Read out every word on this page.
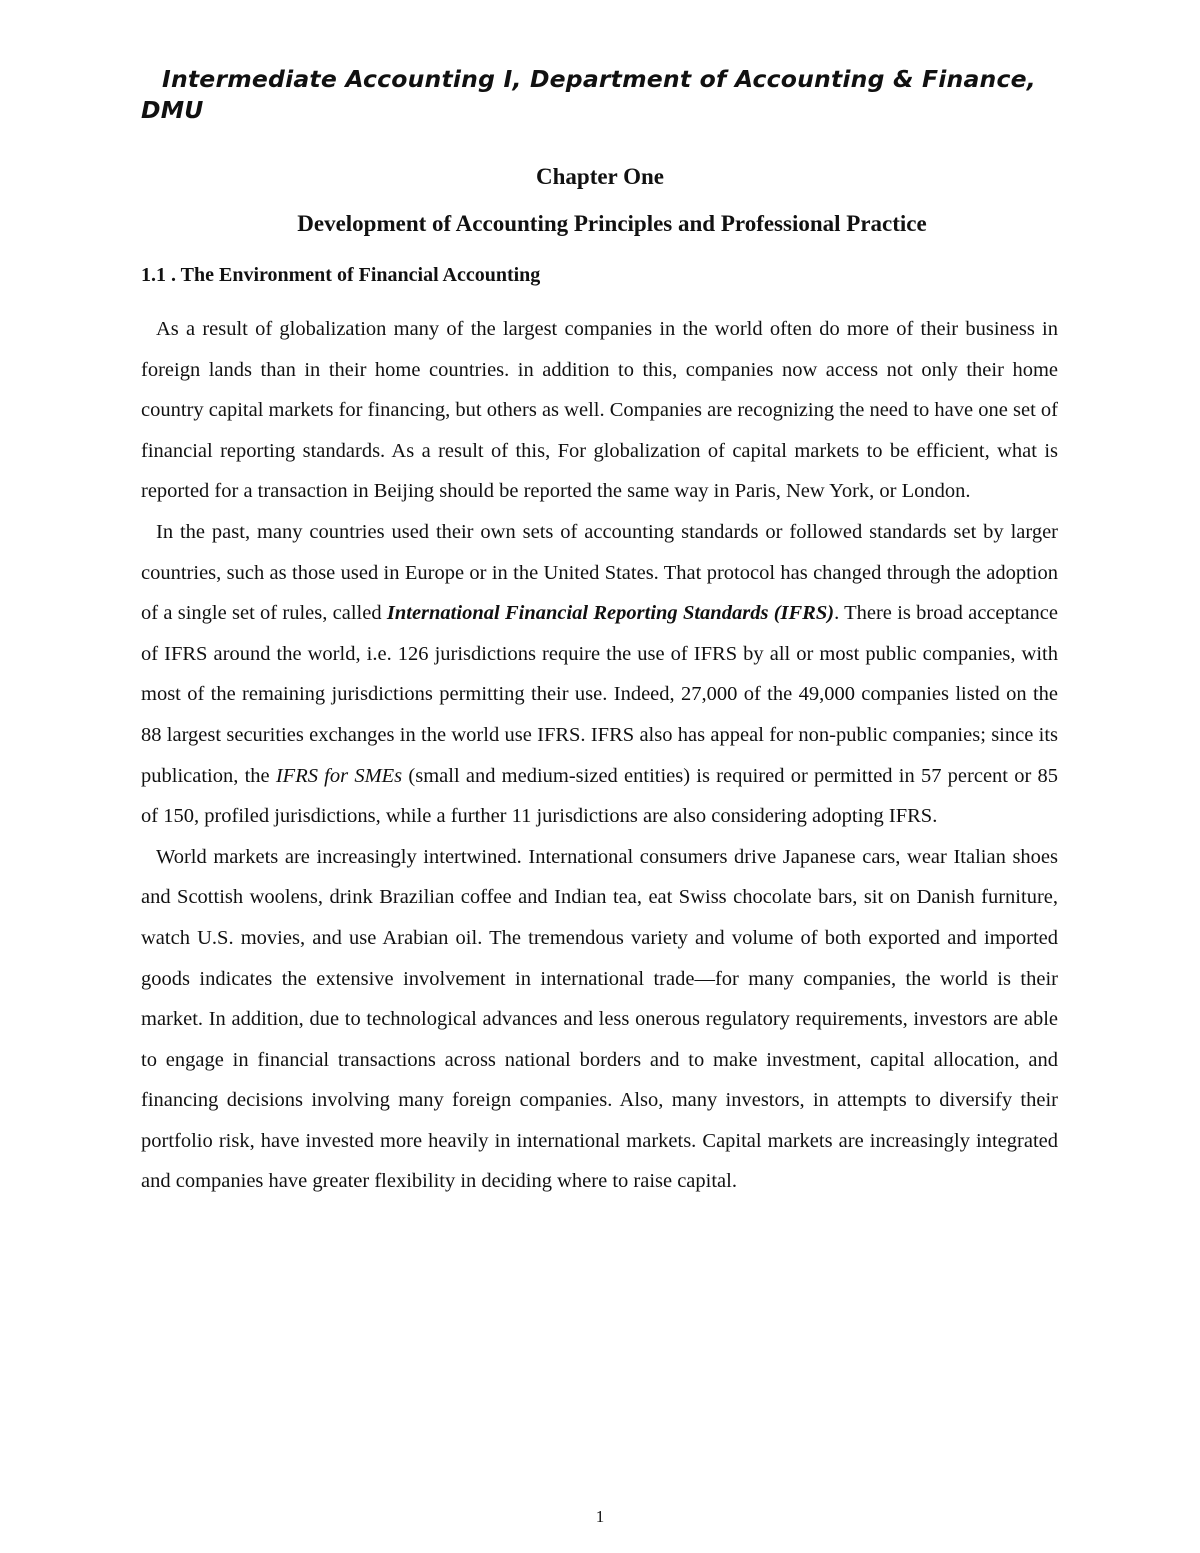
Intermediate Accounting I, Department of Accounting & Finance, DMU
Chapter One
Development of Accounting Principles and Professional Practice
1.1 . The Environment of Financial Accounting

As a result of globalization many of the largest companies in the world often do more of their business in foreign lands than in their home countries. in addition to this, companies now access not only their home country capital markets for financing, but others as well. Companies are recognizing the need to have one set of financial reporting standards. As a result of this, For globalization of capital markets to be efficient, what is reported for a transaction in Beijing should be reported the same way in Paris, New York, or London.

In the past, many countries used their own sets of accounting standards or followed standards set by larger countries, such as those used in Europe or in the United States. That protocol has changed through the adoption of a single set of rules, called International Financial Reporting Standards (IFRS). There is broad acceptance of IFRS around the world, i.e. 126 jurisdictions require the use of IFRS by all or most public companies, with most of the remaining jurisdictions permitting their use. Indeed, 27,000 of the 49,000 companies listed on the 88 largest securities exchanges in the world use IFRS. IFRS also has appeal for non-public companies; since its publication, the IFRS for SMEs (small and medium-sized entities) is required or permitted in 57 percent or 85 of 150, profiled jurisdictions, while a further 11 jurisdictions are also considering adopting IFRS.

World markets are increasingly intertwined. International consumers drive Japanese cars, wear Italian shoes and Scottish woolens, drink Brazilian coffee and Indian tea, eat Swiss chocolate bars, sit on Danish furniture, watch U.S. movies, and use Arabian oil. The tremendous variety and volume of both exported and imported goods indicates the extensive involvement in international trade—for many companies, the world is their market. In addition, due to technological advances and less onerous regulatory requirements, investors are able to engage in financial transactions across national borders and to make investment, capital allocation, and financing decisions involving many foreign companies. Also, many investors, in attempts to diversify their portfolio risk, have invested more heavily in international markets. Capital markets are increasingly integrated and companies have greater flexibility in deciding where to raise capital.

1
